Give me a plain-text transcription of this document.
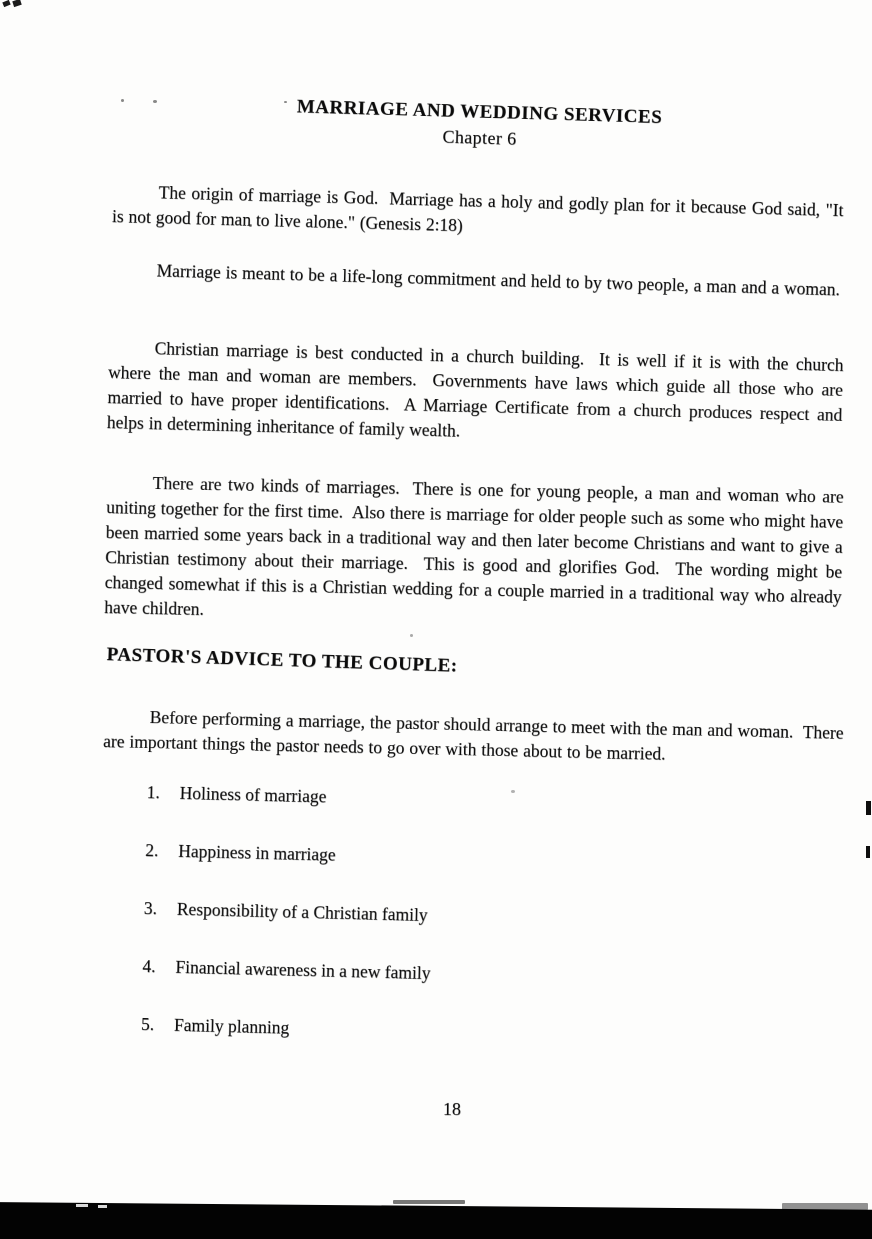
MARRIAGE AND WEDDING SERVICES
Chapter 6

The origin of marriage is God.  Marriage has a holy and godly plan for it because God said, "It is not good for man to live alone." (Genesis 2:18)

Marriage is meant to be a life-long commitment and held to by two people, a man and a woman.

Christian marriage is best conducted in a church building.  It is well if it is with the church where the man and woman are members.  Governments have laws which guide all those who are married to have proper identifications.  A Marriage Certificate from a church produces respect and helps in determining inheritance of family wealth.

There are two kinds of marriages.  There is one for young people, a man and woman who are uniting together for the first time.  Also there is marriage for older people such as some who might have been married some years back in a traditional way and then later become Christians and want to give a Christian testimony about their marriage.  This is good and glorifies God.  The wording might be changed somewhat if this is a Christian wedding for a couple married in a traditional way who already have children.

PASTOR'S ADVICE TO THE COUPLE:

Before performing a marriage, the pastor should arrange to meet with the man and woman.  There are important things the pastor needs to go over with those about to be married.

1.	Holiness of marriage
2.	Happiness in marriage
3.	Responsibility of a Christian family
4.	Financial awareness in a new family
5.	Family planning
18
